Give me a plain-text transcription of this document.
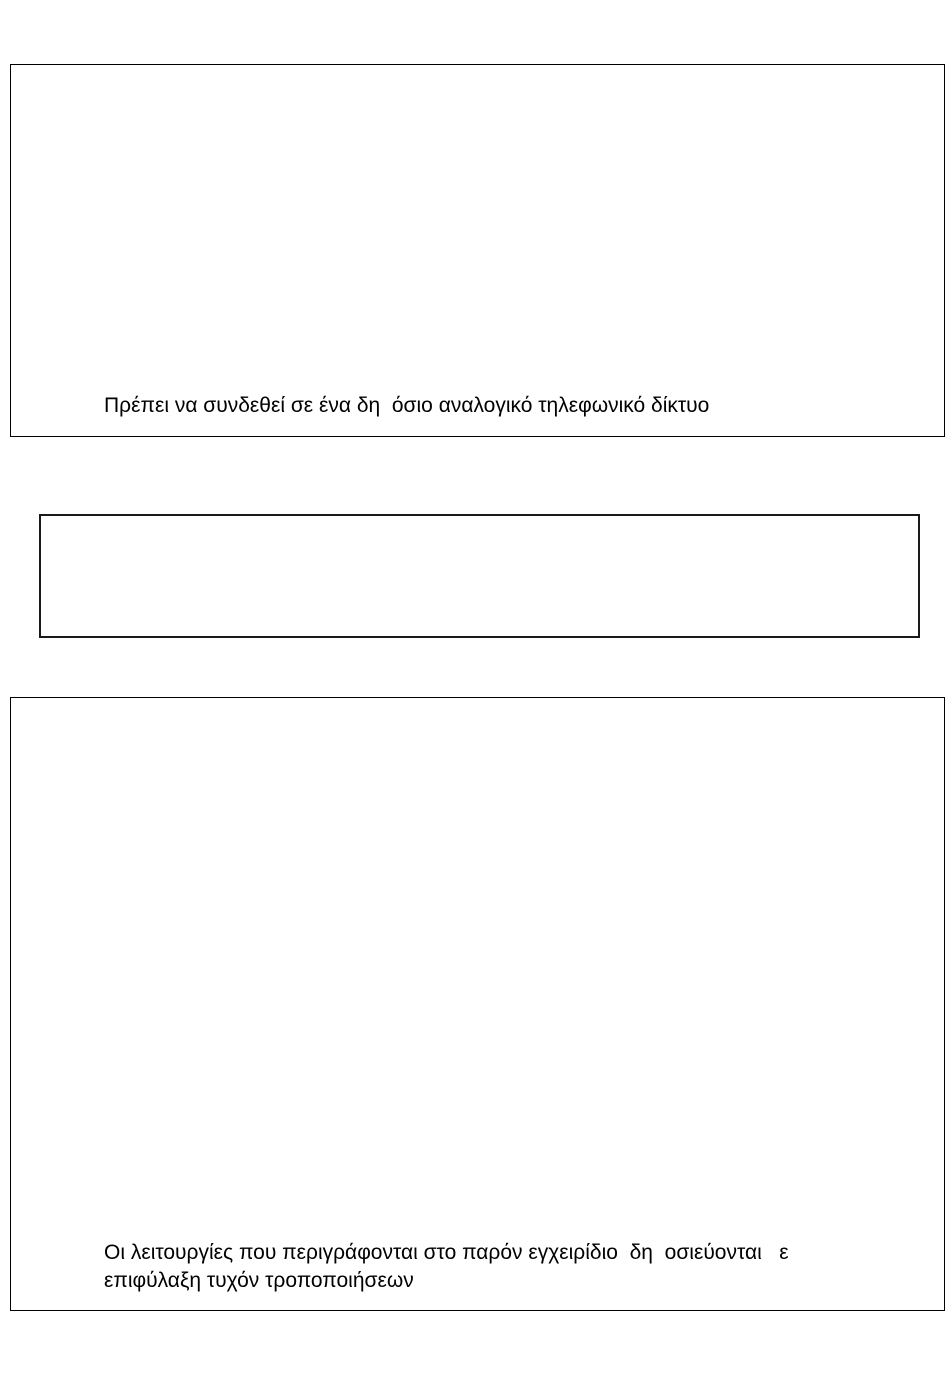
Πρέπει να συνδεθεί σε ένα δη  όσιο αναλογικό τηλεφωνικό δίκτυο

Οι λειτουργίες που περιγράφονται στο παρόν εγχειρίδιο  δη  οσιεύονται   ε
επιφύλαξη τυχόν τροποποιήσεων
